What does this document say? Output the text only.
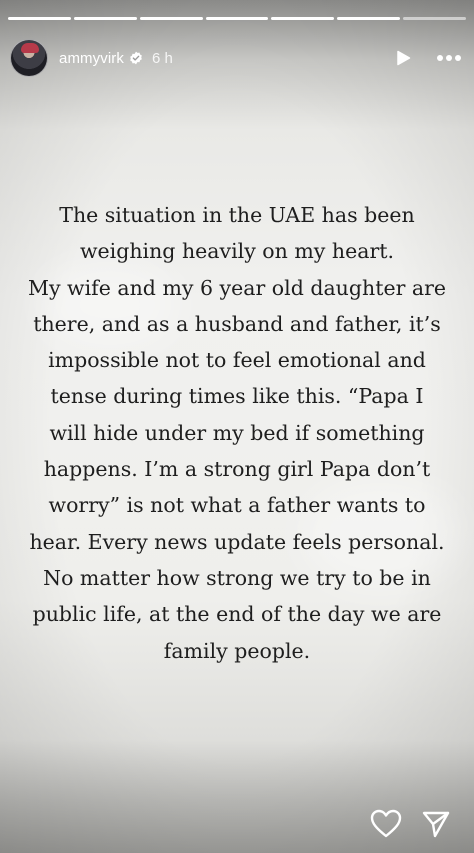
ammyvirk 6 h
The situation in the UAE has been
weighing heavily on my heart.
My wife and my 6 year old daughter are
there, and as a husband and father, it’s
impossible not to feel emotional and
tense during times like this. “Papa I
will hide under my bed if something
happens. I’m a strong girl Papa don’t
worry” is not what a father wants to
hear. Every news update feels personal.
No matter how strong we try to be in
public life, at the end of the day we are
family people.
